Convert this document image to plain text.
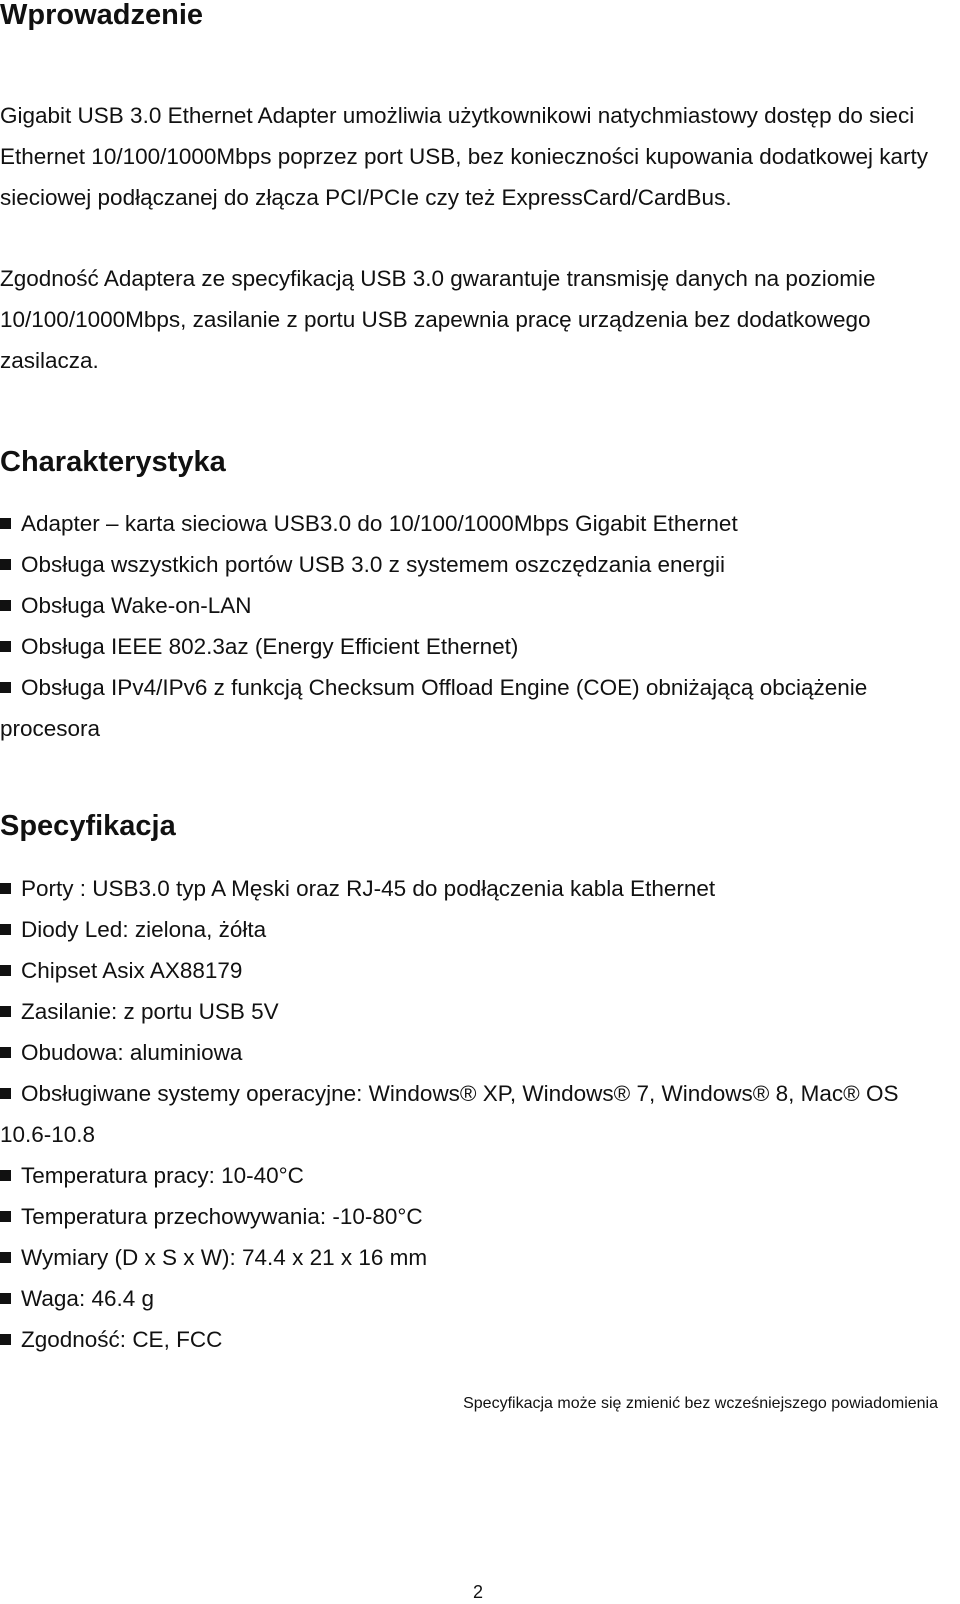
Wprowadzenie

Gigabit USB 3.0 Ethernet Adapter umożliwia użytkownikowi natychmiastowy dostęp do sieci Ethernet 10/100/1000Mbps poprzez port USB, bez konieczności kupowania dodatkowej karty sieciowej podłączanej do złącza PCI/PCIe czy też ExpressCard/CardBus.

Zgodność Adaptera ze specyfikacją USB 3.0 gwarantuje transmisję danych na poziomie 10/100/1000Mbps, zasilanie z portu USB zapewnia pracę urządzenia bez dodatkowego zasilacza.

Charakterystyka
Adapter – karta sieciowa USB3.0 do 10/100/1000Mbps Gigabit Ethernet
Obsługa wszystkich portów USB 3.0 z systemem oszczędzania energii
Obsługa Wake-on-LAN
Obsługa IEEE 802.3az (Energy Efficient Ethernet)
Obsługa IPv4/IPv6 z funkcją Checksum Offload Engine (COE) obniżającą obciążenie procesora
Specyfikacja
Porty : USB3.0 typ A Męski oraz RJ-45 do podłączenia kabla Ethernet
Diody Led: zielona, żółta
Chipset Asix AX88179
Zasilanie: z portu USB 5V
Obudowa: aluminiowa
Obsługiwane systemy operacyjne: Windows® XP, Windows® 7, Windows® 8, Mac® OS 10.6-10.8
Temperatura pracy: 10-40°C
Temperatura przechowywania: -10-80°C
Wymiary (D x S x W): 74.4 x 21 x 16 mm
Waga: 46.4 g
Zgodność: CE, FCC
Specyfikacja może się zmienić bez wcześniejszego powiadomienia
2
